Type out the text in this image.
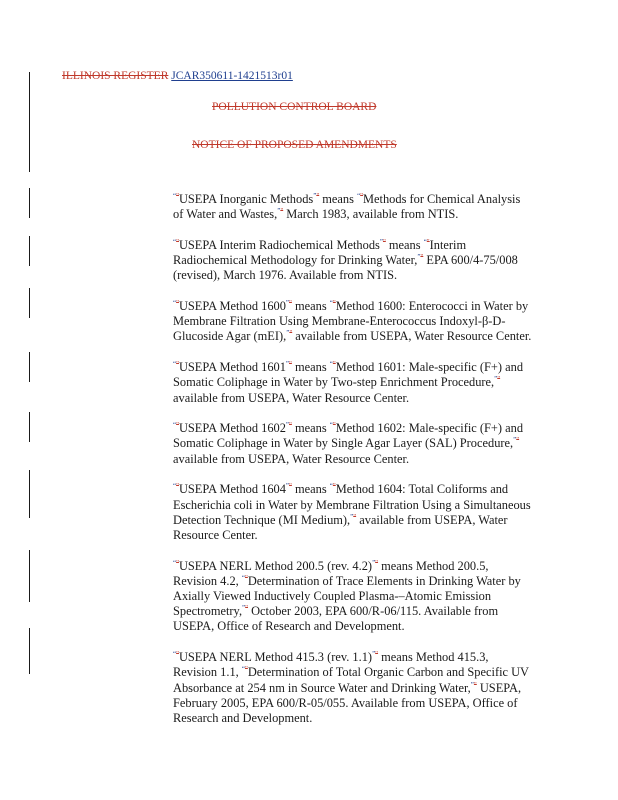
ILLINOIS REGISTER JCAR350611-1421513r01
POLLUTION CONTROL BOARD
NOTICE OF PROPOSED AMENDMENTS

“"USEPA Inorganic Methods”" means “"Methods for Chemical Analysis of Water and Wastes,”" March 1983, available from NTIS.

“"USEPA Interim Radiochemical Methods”" means “"Interim Radiochemical Methodology for Drinking Water,”" EPA 600/4-75/008 (revised), March 1976. Available from NTIS.

“"USEPA Method 1600”" means “"Method 1600: Enterococci in Water by Membrane Filtration Using Membrane-Enterococcus Indoxyl-β-D-Glucoside Agar (mEI),”" available from USEPA, Water Resource Center.

“"USEPA Method 1601”" means “"Method 1601: Male-specific (F+) and Somatic Coliphage in Water by Two-step Enrichment Procedure,”" available from USEPA, Water Resource Center.

“"USEPA Method 1602”" means “"Method 1602: Male-specific (F+) and Somatic Coliphage in Water by Single Agar Layer (SAL) Procedure,”" available from USEPA, Water Resource Center.

“"USEPA Method 1604”" means “"Method 1604: Total Coliforms and Escherichia coli in Water by Membrane Filtration Using a Simultaneous Detection Technique (MI Medium),”" available from USEPA, Water Resource Center.

“"USEPA NERL Method 200.5 (rev. 4.2)”" means Method 200.5, Revision 4.2, “"Determination of Trace Elements in Drinking Water by Axially Viewed Inductively Coupled Plasma-–Atomic Emission Spectrometry,”" October 2003, EPA 600/R-06/115. Available from USEPA, Office of Research and Development.

“"USEPA NERL Method 415.3 (rev. 1.1)”" means Method 415.3, Revision 1.1, “"Determination of Total Organic Carbon and Specific UV Absorbance at 254 nm in Source Water and Drinking Water,”" USEPA, February 2005, EPA 600/R-05/055. Available from USEPA, Office of Research and Development.
